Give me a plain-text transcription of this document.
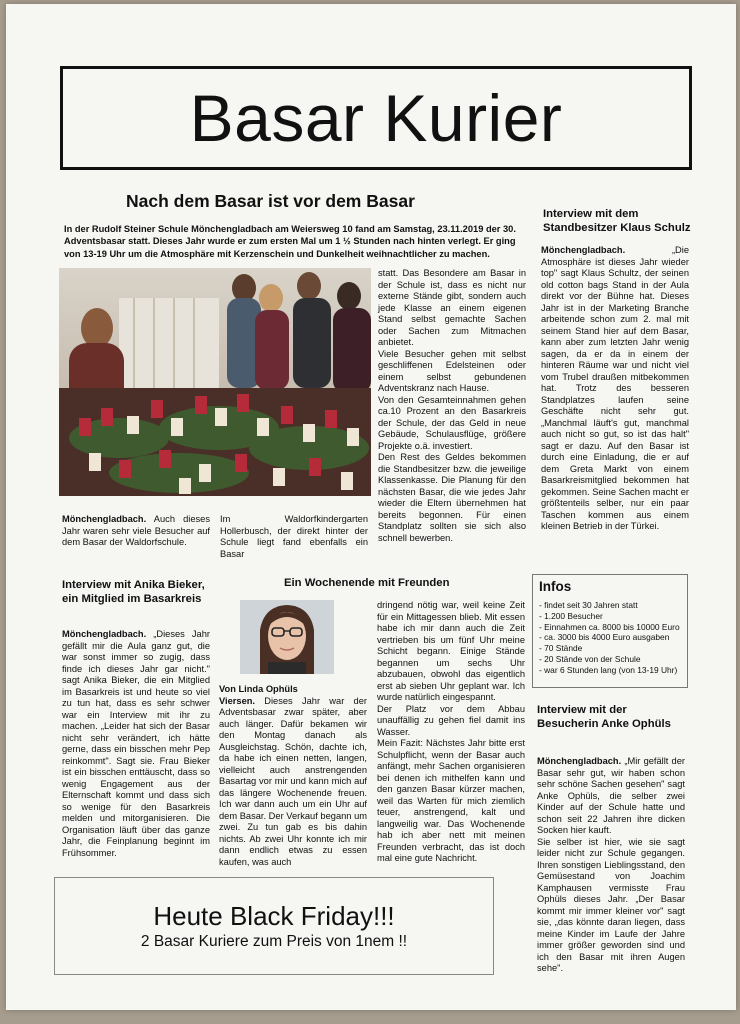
Basar Kurier
Nach dem Basar ist vor dem Basar

In der Rudolf Steiner Schule Mönchengladbach am Weiersweg 10 fand am Samstag, 23.11.2019 der 30. Adventsbasar statt. Dieses Jahr wurde er zum ersten Mal um 1 ½ Stunden nach hinten verlegt. Er ging von 13-19 Uhr um die Atmosphäre mit Kerzenschein und Dunkelheit weihnachtlicher zu machen.

statt. Das Besondere am Basar in der Schule ist, dass es nicht nur externe Stände gibt, sondern auch jede Klasse an einem eigenen Stand selbst gemachte Sachen oder Sachen zum Mitmachen anbietet.
Viele Besucher gehen mit selbst geschliffenen Edelsteinen oder einem selbst gebundenen Adventskranz nach Hause.
Von den Gesamteinnahmen gehen ca.10 Prozent an den Basarkreis der Schule, der das Geld in neue Gebäude, Schulausflüge, größere Projekte o.ä. investiert.
Den Rest des Geldes bekommen die Standbesitzer bzw. die jeweilige Klassenkasse. Die Planung für den nächsten Basar, die wie jedes Jahr wieder die Eltern übernehmen hat bereits begonnen. Für einen Standplatz sollten sie sich also schnell bewerben.

Mönchengladbach. Auch dieses Jahr waren sehr viele Besucher auf dem Basar der Waldorfschule.

Im Waldorfkindergarten Hollerbusch, der direkt hinter der Schule liegt fand ebenfalls ein Basar

Interview mit dem Standbesitzer Klaus Schulz
Mönchengladbach. „Die Atmosphäre ist dieses Jahr wieder top" sagt Klaus Schultz, der seinen old cotton bags Stand in der Aula direkt vor der Bühne hat. Dieses Jahr ist in der Marketing Branche arbeitende schon zum 2. mal mit seinem Stand hier auf dem Basar, kann aber zum letzten Jahr wenig sagen, da er da in einem der hinteren Räume war und nicht viel vom Trubel draußen mitbekommen hat. Trotz des besseren Standplatzes laufen seine Geschäfte nicht sehr gut. „Manchmal läuft's gut, manchmal auch nicht so gut, so ist das halt" sagt er dazu. Auf den Basar ist durch eine Einladung, die er auf dem Greta Markt von einem Basarkreismitglied bekommen hat gekommen. Seine Sachen macht er größtenteils selber, nur ein paar Taschen kommen aus einem kleinen Betrieb in der Türkei.
Interview mit Anika Bieker, ein Mitglied im Basarkreis
Mönchengladbach. „Dieses Jahr gefällt mir die Aula ganz gut, die war sonst immer so zugig, dass finde ich dieses Jahr gar nicht." sagt Anika Bieker, die ein Mitglied im Basarkreis ist und heute so viel zu tun hat, dass es sehr schwer war ein Interview mit ihr zu machen. „Leider hat sich der Basar nicht sehr verändert, ich hätte gerne, dass ein bisschen mehr Pep reinkommt". Sagt sie. Frau Bieker ist ein bisschen enttäuscht, dass so wenig Engagement aus der Elternschaft kommt und dass sich so wenige für den Basarkreis melden und mitorganisieren. Die Organisation läuft über das ganze Jahr, die Feinplanung beginnt im Frühsommer.
Ein Wochenende mit Freunden
Von Linda Ophüls
Viersen. Dieses Jahr war der Adventsbasar zwar später, aber auch länger. Dafür bekamen wir den Montag danach als Ausgleichstag. Schön, dachte ich, da habe ich einen netten, langen, vielleicht auch anstrengenden Basartag vor mir und kann mich auf das längere Wochenende freuen. Ich war dann auch um ein Uhr auf dem Basar. Der Verkauf begann um zwei. Zu tun gab es bis dahin nichts. Ab zwei Uhr konnte ich mir dann endlich etwas zu essen kaufen, was auch

dringend nötig war, weil keine Zeit für ein Mittagessen blieb. Mit essen habe ich mir dann auch die Zeit vertrieben bis um fünf Uhr meine Schicht begann. Einige Stände begannen um sechs Uhr abzubauen, obwohl das eigentlich erst ab sieben Uhr geplant war. Ich wurde natürlich eingespannt.
Der Platz vor dem Abbau unauffällig zu gehen fiel damit ins Wasser.
Mein Fazit: Nächstes Jahr bitte erst Schulpflicht, wenn der Basar auch anfängt, mehr Sachen organisieren bei denen ich mithelfen kann und den ganzen Basar kürzer machen, weil das Warten für mich ziemlich teuer, anstrengend, kalt und langweilig war. Das Wochenende hab ich aber nett mit meinen Freunden verbracht, das ist doch mal eine gute Nachricht.

Infos
- findet seit 30 Jahren statt
- 1.200 Besucher
- Einnahmen ca. 8000 bis 10000 Euro
- ca. 3000 bis 4000 Euro ausgaben
- 70 Stände
- 20 Stände von der Schule
- war 6 Stunden lang (von 13-19 Uhr)
Interview mit der Besucherin Anke Ophüls

Mönchengladbach. „Mir gefällt der Basar sehr gut, wir haben schon sehr schöne Sachen gesehen" sagt Anke Ophüls, die selber zwei Kinder auf der Schule hatte und schon seit 22 Jahren ihre dicken Socken hier kauft.
Sie selber ist hier, wie sie sagt leider nicht zur Schule gegangen. Ihren sonstigen Lieblingsstand, den Gemüsestand von Joachim Kamphausen vermisste Frau Ophüls dieses Jahr. „Der Basar kommt mir immer kleiner vor" sagt sie, „das könnte daran liegen, dass meine Kinder im Laufe der Jahre immer größer geworden sind und ich den Basar mit ihren Augen sehe".

Heute Black Friday!!!
2 Basar Kuriere zum Preis von 1nem !!
